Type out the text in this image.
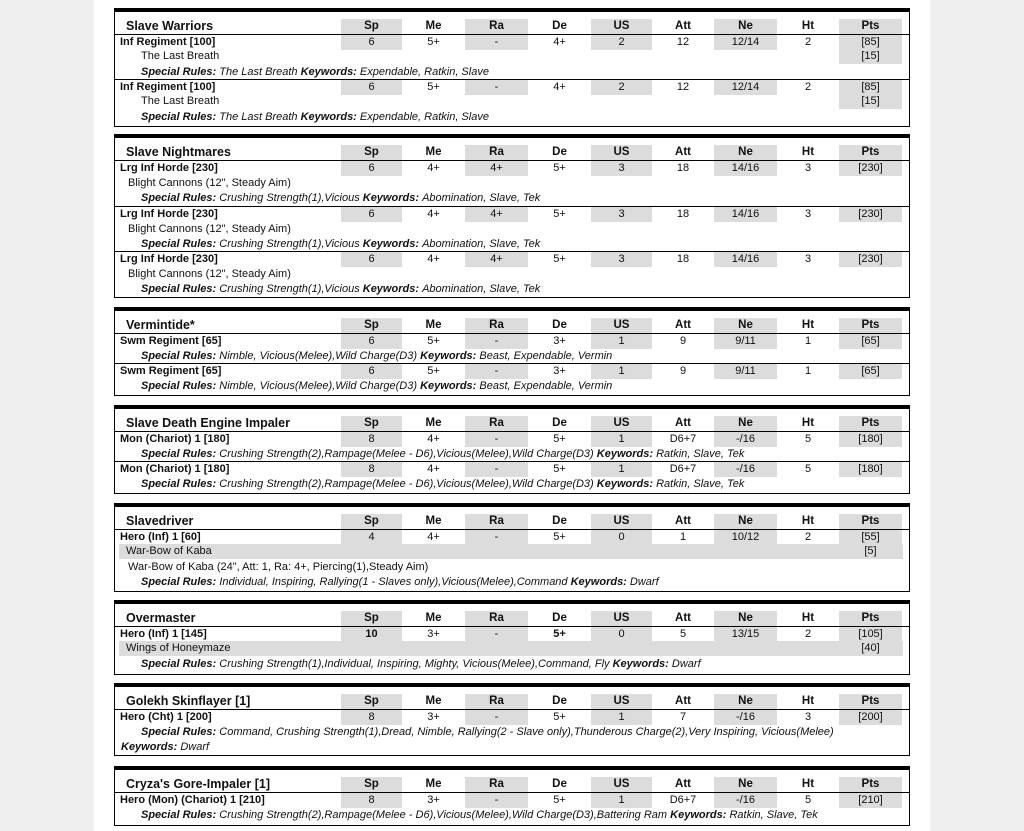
Slave Warriors	Sp	Me	Ra	De	US	Att	Ne	Ht	Pts
Inf Regiment [100]	6	5+	-	4+	2	12	12/14	2	[85]
The Last Breath	[15]
Special Rules: The Last Breath Keywords: Expendable, Ratkin, Slave
Inf Regiment [100]	6	5+	-	4+	2	12	12/14	2	[85]
The Last Breath	[15]
Special Rules: The Last Breath Keywords: Expendable, Ratkin, Slave
Slave Nightmares	Sp	Me	Ra	De	US	Att	Ne	Ht	Pts
Lrg Inf Horde [230]	6	4+	4+	5+	3	18	14/16	3	[230]
Blight Cannons (12", Steady Aim)
Special Rules: Crushing Strength(1),Vicious Keywords: Abomination, Slave, Tek
Lrg Inf Horde [230]	6	4+	4+	5+	3	18	14/16	3	[230]
Blight Cannons (12", Steady Aim)
Special Rules: Crushing Strength(1),Vicious Keywords: Abomination, Slave, Tek
Lrg Inf Horde [230]	6	4+	4+	5+	3	18	14/16	3	[230]
Blight Cannons (12", Steady Aim)
Special Rules: Crushing Strength(1),Vicious Keywords: Abomination, Slave, Tek
Vermintide*	Sp	Me	Ra	De	US	Att	Ne	Ht	Pts
Swm Regiment [65]	6	5+	-	3+	1	9	9/11	1	[65]
Special Rules: Nimble, Vicious(Melee),Wild Charge(D3) Keywords: Beast, Expendable, Vermin
Swm Regiment [65]	6	5+	-	3+	1	9	9/11	1	[65]
Special Rules: Nimble, Vicious(Melee),Wild Charge(D3) Keywords: Beast, Expendable, Vermin
Slave Death Engine Impaler	Sp	Me	Ra	De	US	Att	Ne	Ht	Pts
Mon (Chariot) 1 [180]	8	4+	-	5+	1	D6+7	-/16	5	[180]
Special Rules: Crushing Strength(2),Rampage(Melee - D6),Vicious(Melee),Wild Charge(D3) Keywords: Ratkin, Slave, Tek
Mon (Chariot) 1 [180]	8	4+	-	5+	1	D6+7	-/16	5	[180]
Special Rules: Crushing Strength(2),Rampage(Melee - D6),Vicious(Melee),Wild Charge(D3) Keywords: Ratkin, Slave, Tek
Slavedriver	Sp	Me	Ra	De	US	Att	Ne	Ht	Pts
Hero (Inf) 1 [60]	4	4+	-	5+	0	1	10/12	2	[55]
War-Bow of Kaba	[5]
War-Bow of Kaba (24", Att: 1, Ra: 4+, Piercing(1),Steady Aim)
Special Rules: Individual, Inspiring, Rallying(1 - Slaves only),Vicious(Melee),Command Keywords: Dwarf
Overmaster	Sp	Me	Ra	De	US	Att	Ne	Ht	Pts
Hero (Inf) 1 [145]	10	3+	-	5+	0	5	13/15	2	[105]
Wings of Honeymaze	[40]
Special Rules: Crushing Strength(1),Individual, Inspiring, Mighty, Vicious(Melee),Command, Fly Keywords: Dwarf
Golekh Skinflayer [1]	Sp	Me	Ra	De	US	Att	Ne	Ht	Pts
Hero (Cht) 1 [200]	8	3+	-	5+	1	7	-/16	3	[200]
Special Rules: Command, Crushing Strength(1),Dread, Nimble, Rallying(2 - Slave only),Thunderous Charge(2),Very Inspiring, Vicious(Melee)
Keywords: Dwarf
Cryza's Gore-Impaler [1]	Sp	Me	Ra	De	US	Att	Ne	Ht	Pts
Hero (Mon) (Chariot) 1 [210]	8	3+	-	5+	1	D6+7	-/16	5	[210]
Special Rules: Crushing Strength(2),Rampage(Melee - D6),Vicious(Melee),Wild Charge(D3),Battering Ram Keywords: Ratkin, Slave, Tek
